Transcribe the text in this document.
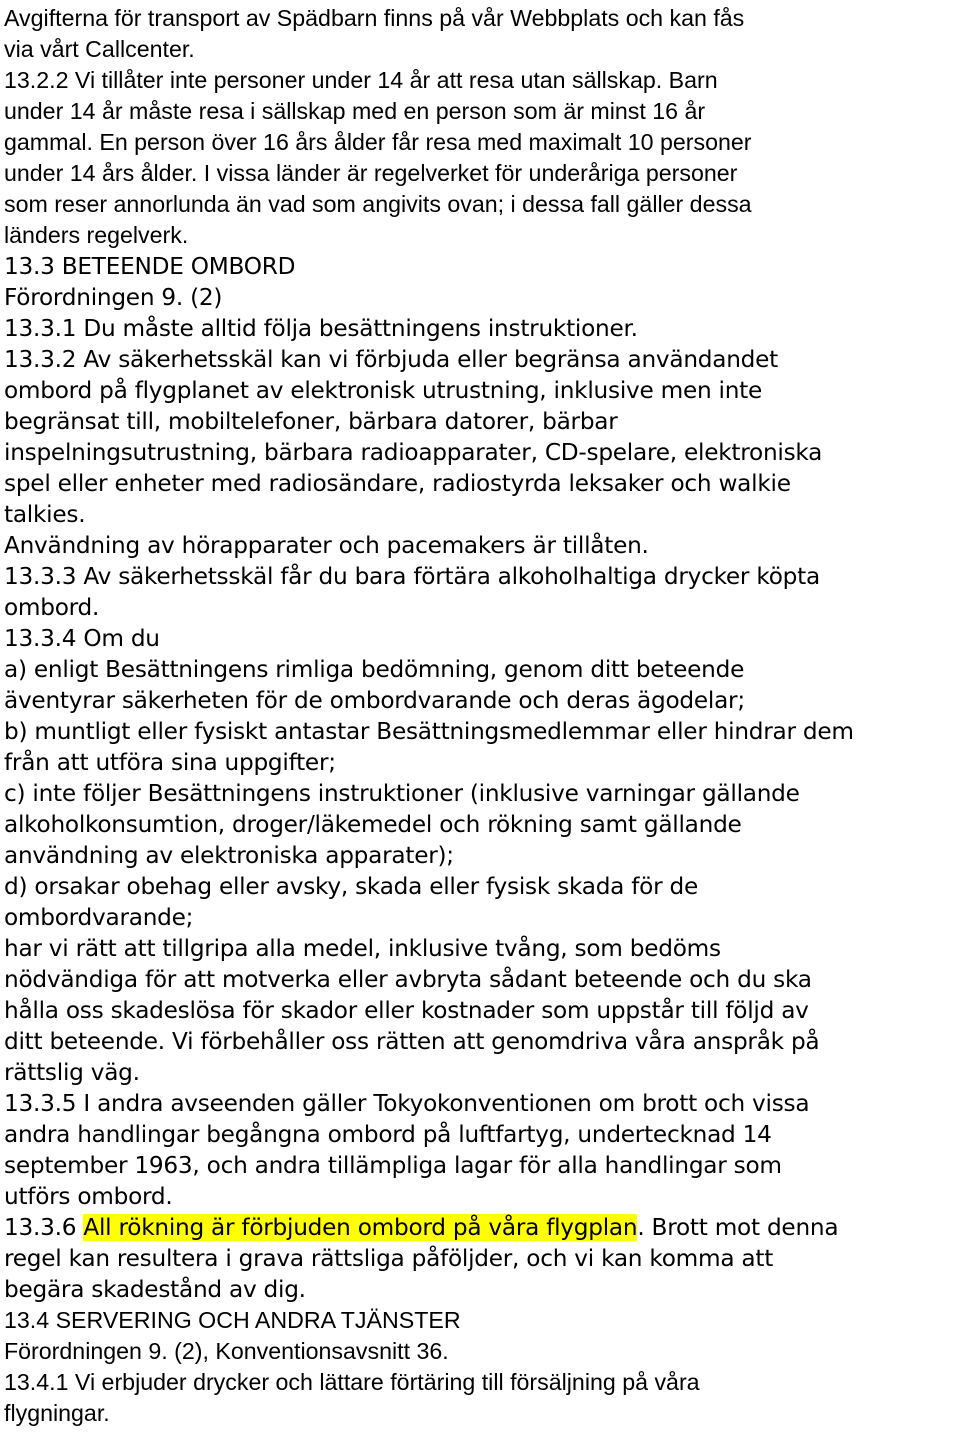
Avgifterna för transport av Spädbarn finns på vår Webbplats och kan fås
via vårt Callcenter.
13.2.2 Vi tillåter inte personer under 14 år att resa utan sällskap. Barn
under 14 år måste resa i sällskap med en person som är minst 16 år
gammal. En person över 16 års ålder får resa med maximalt 10 personer
under 14 års ålder. I vissa länder är regelverket för underåriga personer
som reser annorlunda än vad som angivits ovan; i dessa fall gäller dessa
länders regelverk.
13.3 BETEENDE OMBORD
Förordningen 9. (2)
13.3.1 Du måste alltid följa besättningens instruktioner.
13.3.2 Av säkerhetsskäl kan vi förbjuda eller begränsa användandet
ombord på flygplanet av elektronisk utrustning, inklusive men inte
begränsat till, mobiltelefoner, bärbara datorer, bärbar
inspelningsutrustning, bärbara radioapparater, CD-spelare, elektroniska
spel eller enheter med radiosändare, radiostyrda leksaker och walkie
talkies.
Användning av hörapparater och pacemakers är tillåten.
13.3.3 Av säkerhetsskäl får du bara förtära alkoholhaltiga drycker köpta
ombord.
13.3.4 Om du
a) enligt Besättningens rimliga bedömning, genom ditt beteende
äventyrar säkerheten för de ombordvarande och deras ägodelar;
b) muntligt eller fysiskt antastar Besättningsmedlemmar eller hindrar dem
från att utföra sina uppgifter;
c) inte följer Besättningens instruktioner (inklusive varningar gällande
alkoholkonsumtion, droger/läkemedel och rökning samt gällande
användning av elektroniska apparater);
d) orsakar obehag eller avsky, skada eller fysisk skada för de
ombordvarande;
har vi rätt att tillgripa alla medel, inklusive tvång, som bedöms
nödvändiga för att motverka eller avbryta sådant beteende och du ska
hålla oss skadeslösa för skador eller kostnader som uppstår till följd av
ditt beteende. Vi förbehåller oss rätten att genomdriva våra anspråk på
rättslig väg.
13.3.5 I andra avseenden gäller Tokyokonventionen om brott och vissa
andra handlingar begångna ombord på luftfartyg, undertecknad 14
september 1963, och andra tillämpliga lagar för alla handlingar som
utförs ombord.
13.3.6 All rökning är förbjuden ombord på våra flygplan. Brott mot denna
regel kan resultera i grava rättsliga påföljder, och vi kan komma att
begära skadestånd av dig.
13.4 SERVERING OCH ANDRA TJÄNSTER
Förordningen 9. (2), Konventionsavsnitt 36.
13.4.1 Vi erbjuder drycker och lättare förtäring till försäljning på våra
flygningar.
